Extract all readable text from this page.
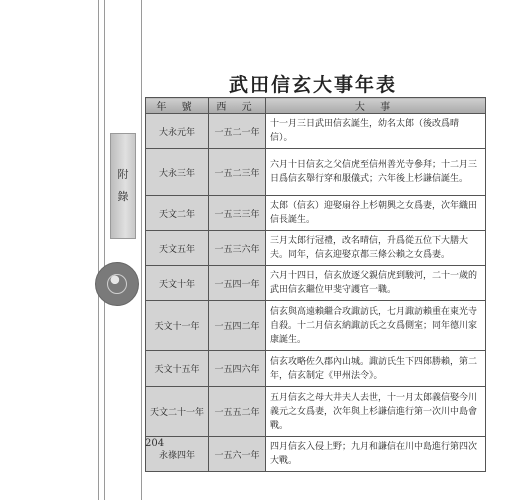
附
錄
武田信玄大事年表
年 號	西 元	大 事
大永元年	一五二一年	十一月三日武田信玄誕生，幼名太郎（後改爲晴信）。
大永三年	一五二三年	六月十日信玄之父信虎至信州善光寺參拜；十二月三日爲信玄舉行穿和服儀式；六年後上杉謙信誕生。
天文二年	一五三三年	太郎（信玄）迎娶扇谷上杉朝興之女爲妻，次年織田信長誕生。
天文五年	一五三六年	三月太郎行冠禮，改名晴信，升爲從五位下大膳大夫。同年，信玄迎娶京都三條公賴之女爲妻。
天文十年	一五四一年	六月十四日，信玄放逐父親信虎到駿河，二十一歲的武田信玄繼位甲斐守護官一職。
天文十一年	一五四二年	信玄與高遠賴繼合攻諏訪氏，七月諏訪賴重在東光寺自殺。十二月信玄納諏訪氏之女爲側室；同年德川家康誕生。
天文十五年	一五四六年	信玄攻略佐久郡內山城。諏訪氏生下四郎勝賴，第二年，信玄制定《甲州法令》。
天文二十一年	一五五二年	五月信玄之母大井夫人去世，十一月太郎義信娶今川義元之女爲妻，次年與上杉謙信進行第一次川中島會戰。
永祿四年	一五六一年	四月信玄入侵上野；九月和謙信在川中島進行第四次大戰。
204
